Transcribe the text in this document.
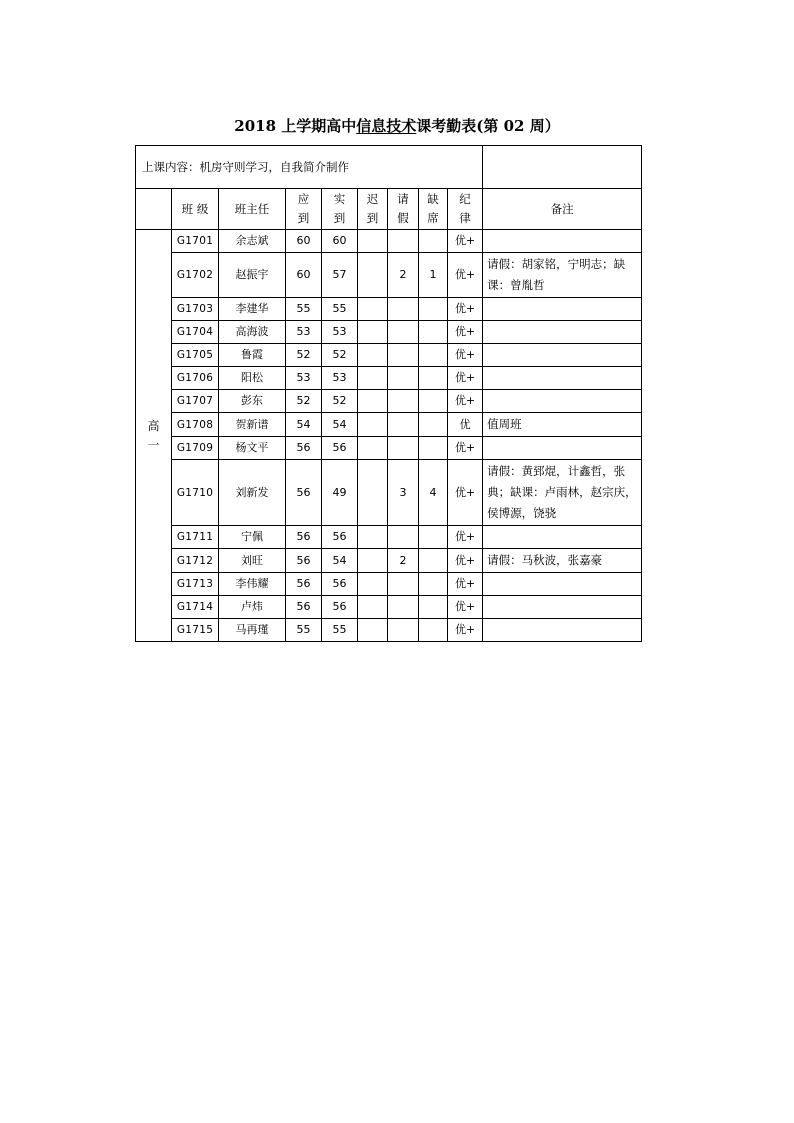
2018 上学期高中信息技术课考勤表(第 02 周）
上课内容：机房守则学习，自我简介制作									
	班 级	班主任	应到	实到	迟到	请假	缺席	纪律	备注
高一	G1701	余志斌	60	60				优+	
	G1702	赵振宇	60	57		2	1	优+	请假：胡家铭，宁明志；缺课：曾胤哲
	G1703	李建华	55	55				优+	
	G1704	高海波	53	53				优+	
	G1705	鲁霞	52	52				优+	
	G1706	阳松	53	53				优+	
	G1707	彭东	52	52				优+	
	G1708	贺新谱	54	54				优	值周班
	G1709	杨文平	56	56				优+	
	G1710	刘新发	56	49		3	4	优+	请假：黄郅焜，计鑫哲，张典；缺课：卢雨林，赵宗庆，侯博源，饶骁
	G1711	宁佩	56	56				优+	
	G1712	刘旺	56	54		2		优+	请假：马秋波，张嘉豪
	G1713	李伟耀	56	56				优+	
	G1714	卢炜	56	56				优+	
	G1715	马再瑾	55	55				优+	
